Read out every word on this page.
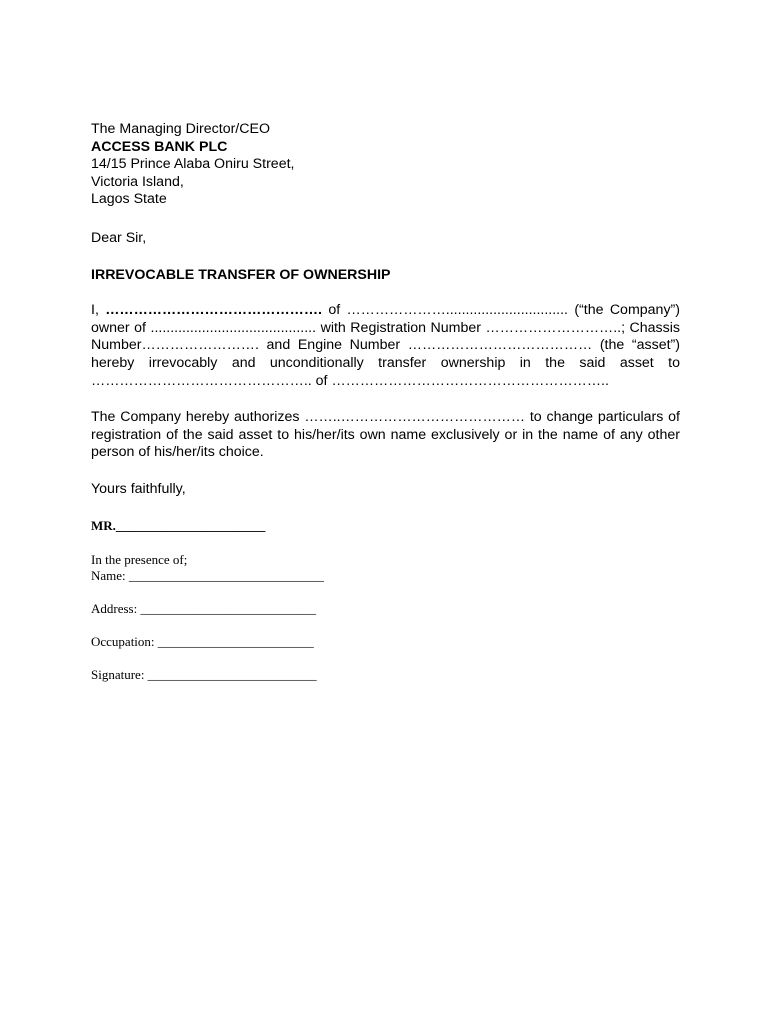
The Managing Director/CEO
ACCESS BANK PLC
14/15 Prince Alaba Oniru Street,
Victoria Island,
Lagos State
Dear Sir,
IRREVOCABLE TRANSFER OF OWNERSHIP
I, ………………………………………. of …………………............................... (“the Company”) owner of .......................................... with Registration Number ………………………..; Chassis Number……………………. and Engine Number ………………………………… (the “asset”) hereby irrevocably and unconditionally transfer ownership in the said asset to ……………………………………….. of …………………………………………………..
The Company hereby authorizes ……..………………………………… to change particulars of registration of the said asset to his/her/its own name exclusively or in the name of any other person of his/her/its choice.
Yours faithfully,
MR._______________________
In the presence of;
Name: ______________________________
Address: ___________________________
Occupation: ________________________
Signature: __________________________
